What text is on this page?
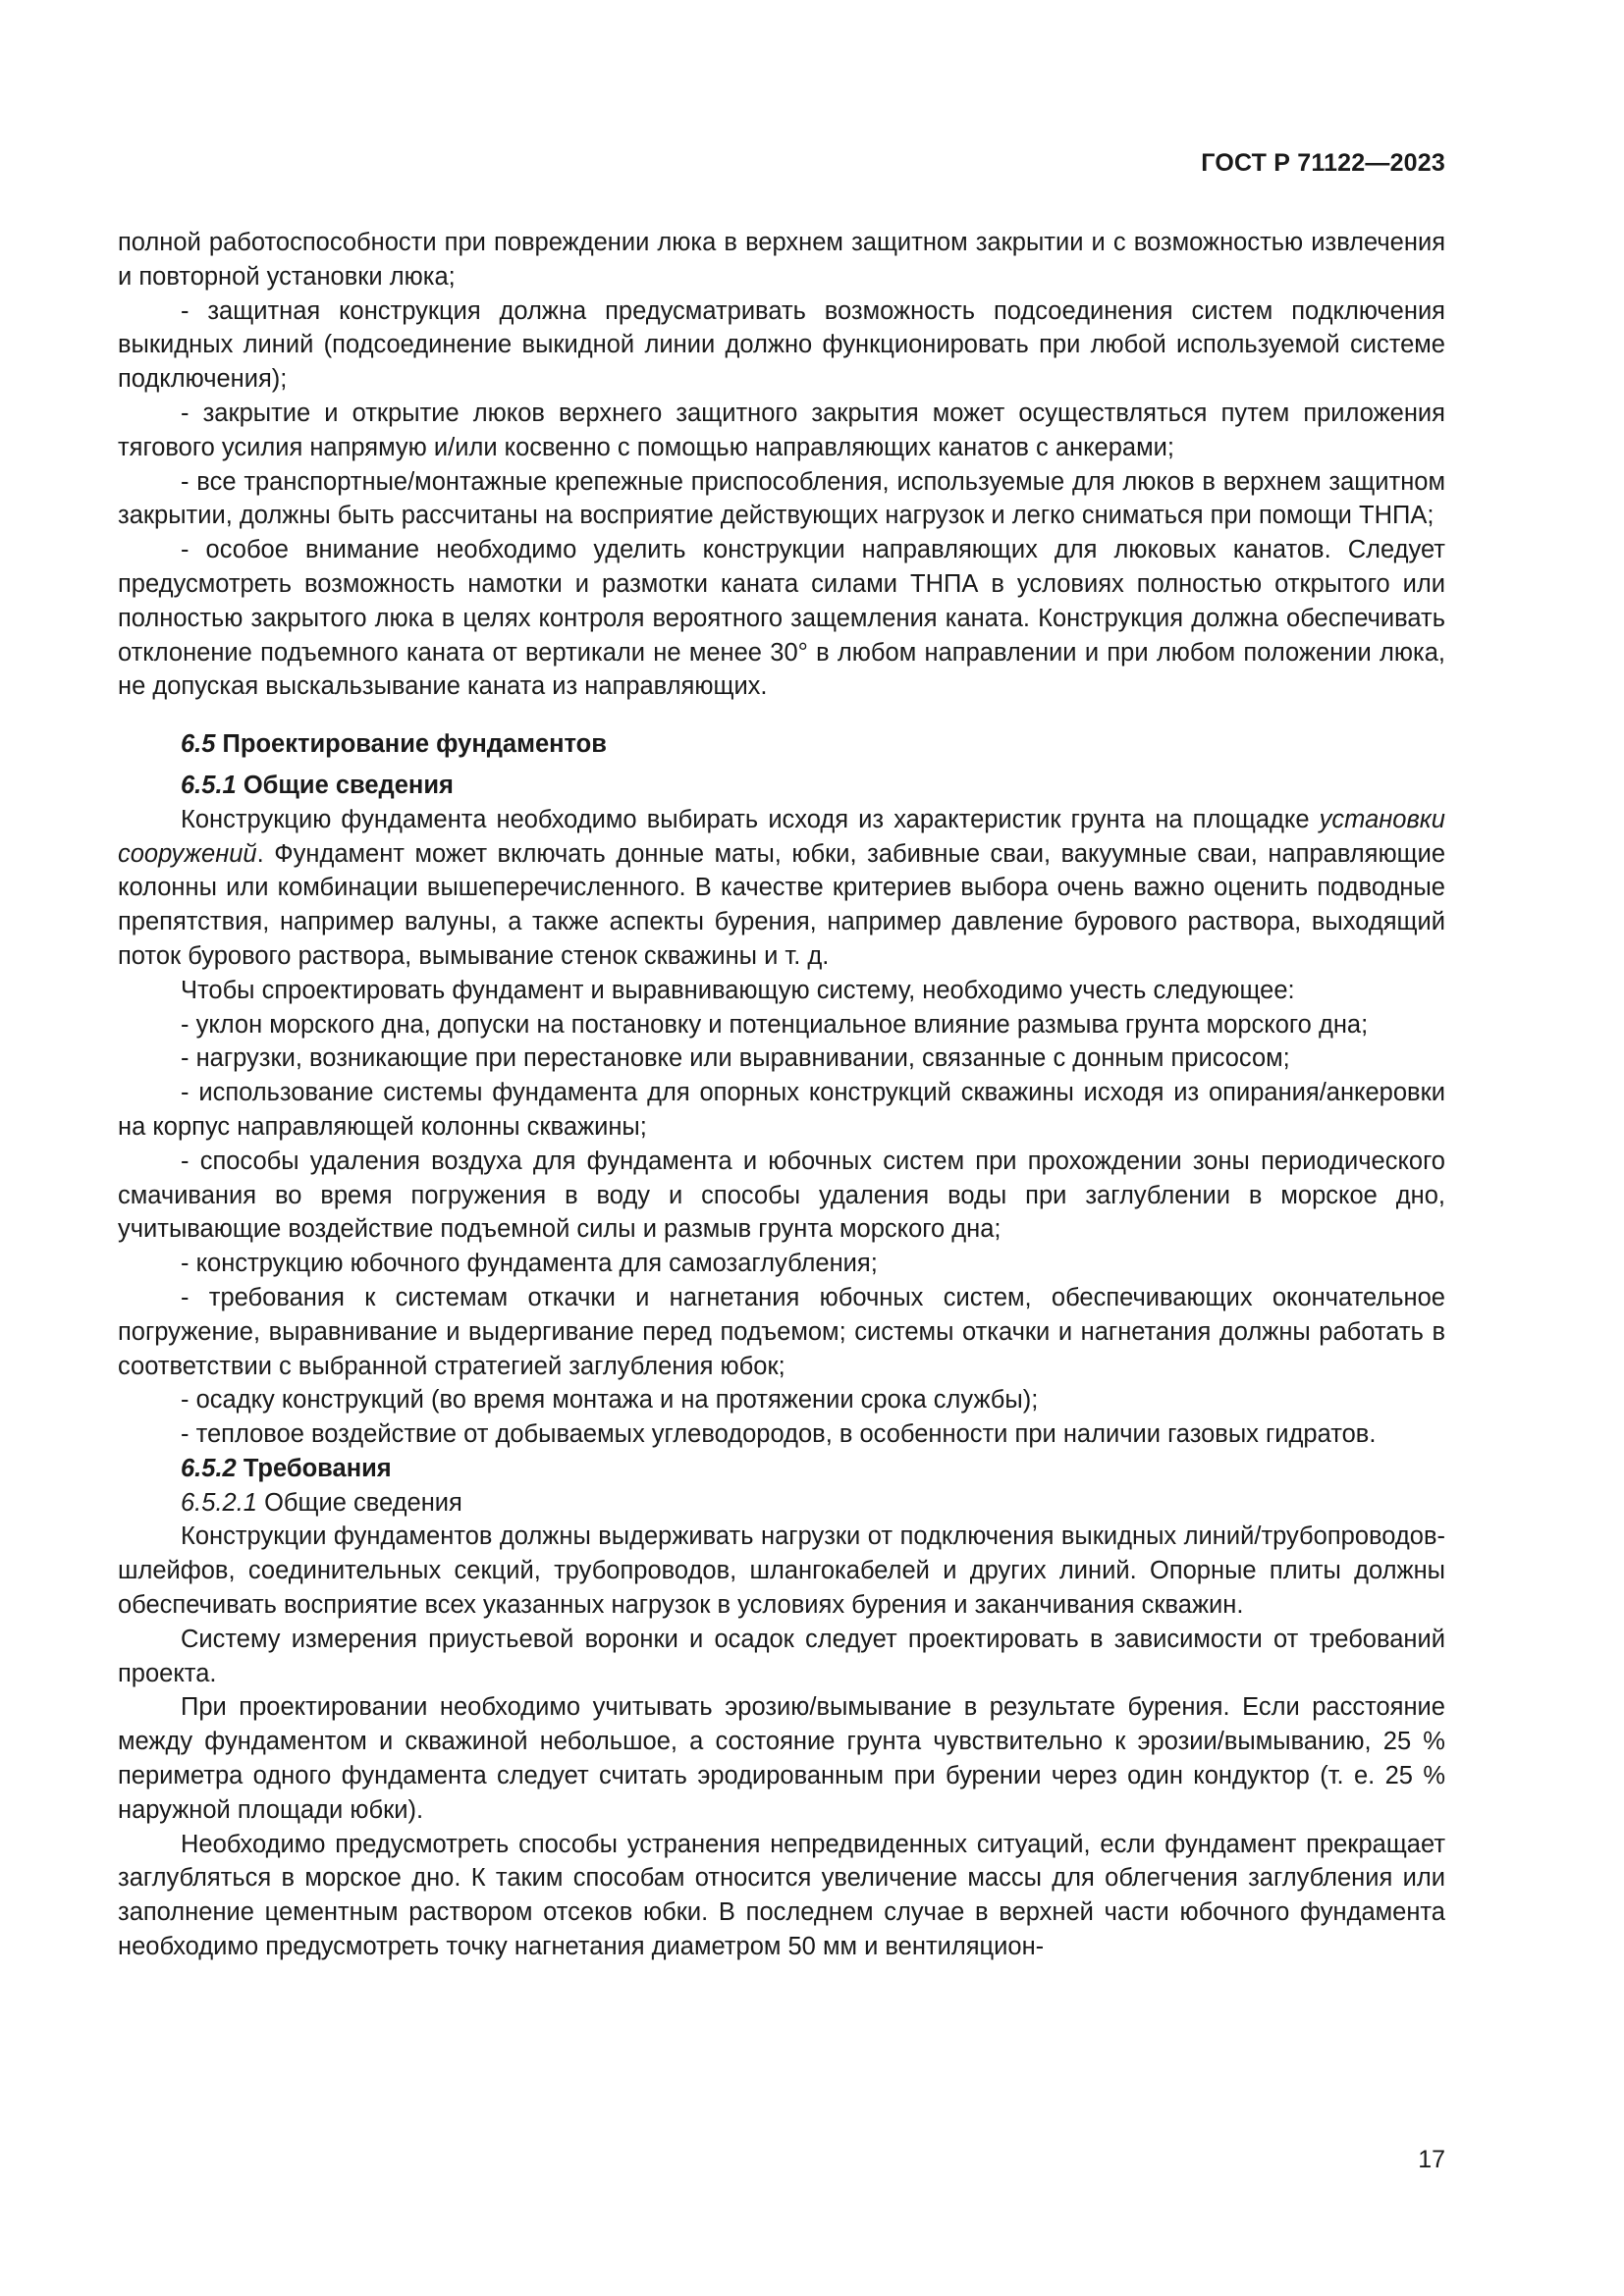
ГОСТ Р 71122—2023

полной работоспособности при повреждении люка в верхнем защитном закрытии и с возможностью извлечения и повторной установки люка;

- защитная конструкция должна предусматривать возможность подсоединения систем подключения выкидных линий (подсоединение выкидной линии должно функционировать при любой используемой системе подключения);

- закрытие и открытие люков верхнего защитного закрытия может осуществляться путем приложения тягового усилия напрямую и/или косвенно с помощью направляющих канатов с анкерами;

- все транспортные/монтажные крепежные приспособления, используемые для люков в верхнем защитном закрытии, должны быть рассчитаны на восприятие действующих нагрузок и легко сниматься при помощи ТНПА;

- особое внимание необходимо уделить конструкции направляющих для люковых канатов. Следует предусмотреть возможность намотки и размотки каната силами ТНПА в условиях полностью открытого или полностью закрытого люка в целях контроля вероятного защемления каната. Конструкция должна обеспечивать отклонение подъемного каната от вертикали не менее 30° в любом направлении и при любом положении люка, не допуская выскальзывание каната из направляющих.

6.5 Проектирование фундаментов

6.5.1 Общие сведения

Конструкцию фундамента необходимо выбирать исходя из характеристик грунта на площадке установки сооружений. Фундамент может включать донные маты, юбки, забивные сваи, вакуумные сваи, направляющие колонны или комбинации вышеперечисленного. В качестве критериев выбора очень важно оценить подводные препятствия, например валуны, а также аспекты бурения, например давление бурового раствора, выходящий поток бурового раствора, вымывание стенок скважины и т. д.

Чтобы спроектировать фундамент и выравнивающую систему, необходимо учесть следующее:

- уклон морского дна, допуски на постановку и потенциальное влияние размыва грунта морского дна;

- нагрузки, возникающие при перестановке или выравнивании, связанные с донным присосом;

- использование системы фундамента для опорных конструкций скважины исходя из опирания/анкеровки на корпус направляющей колонны скважины;

- способы удаления воздуха для фундамента и юбочных систем при прохождении зоны периодического смачивания во время погружения в воду и способы удаления воды при заглублении в морское дно, учитывающие воздействие подъемной силы и размыв грунта морского дна;

- конструкцию юбочного фундамента для самозаглубления;

- требования к системам откачки и нагнетания юбочных систем, обеспечивающих окончательное погружение, выравнивание и выдергивание перед подъемом; системы откачки и нагнетания должны работать в соответствии с выбранной стратегией заглубления юбок;

- осадку конструкций (во время монтажа и на протяжении срока службы);

- тепловое воздействие от добываемых углеводородов, в особенности при наличии газовых гидратов.

6.5.2 Требования

6.5.2.1 Общие сведения

Конструкции фундаментов должны выдерживать нагрузки от подключения выкидных линий/трубопроводов-шлейфов, соединительных секций, трубопроводов, шлангокабелей и других линий. Опорные плиты должны обеспечивать восприятие всех указанных нагрузок в условиях бурения и заканчивания скважин.

Систему измерения приустьевой воронки и осадок следует проектировать в зависимости от требований проекта.

При проектировании необходимо учитывать эрозию/вымывание в результате бурения. Если расстояние между фундаментом и скважиной небольшое, а состояние грунта чувствительно к эрозии/вымыванию, 25 % периметра одного фундамента следует считать эродированным при бурении через один кондуктор (т. е. 25 % наружной площади юбки).

Необходимо предусмотреть способы устранения непредвиденных ситуаций, если фундамент прекращает заглубляться в морское дно. К таким способам относится увеличение массы для облегчения заглубления или заполнение цементным раствором отсеков юбки. В последнем случае в верхней части юбочного фундамента необходимо предусмотреть точку нагнетания диаметром 50 мм и вентиляцион-

17
